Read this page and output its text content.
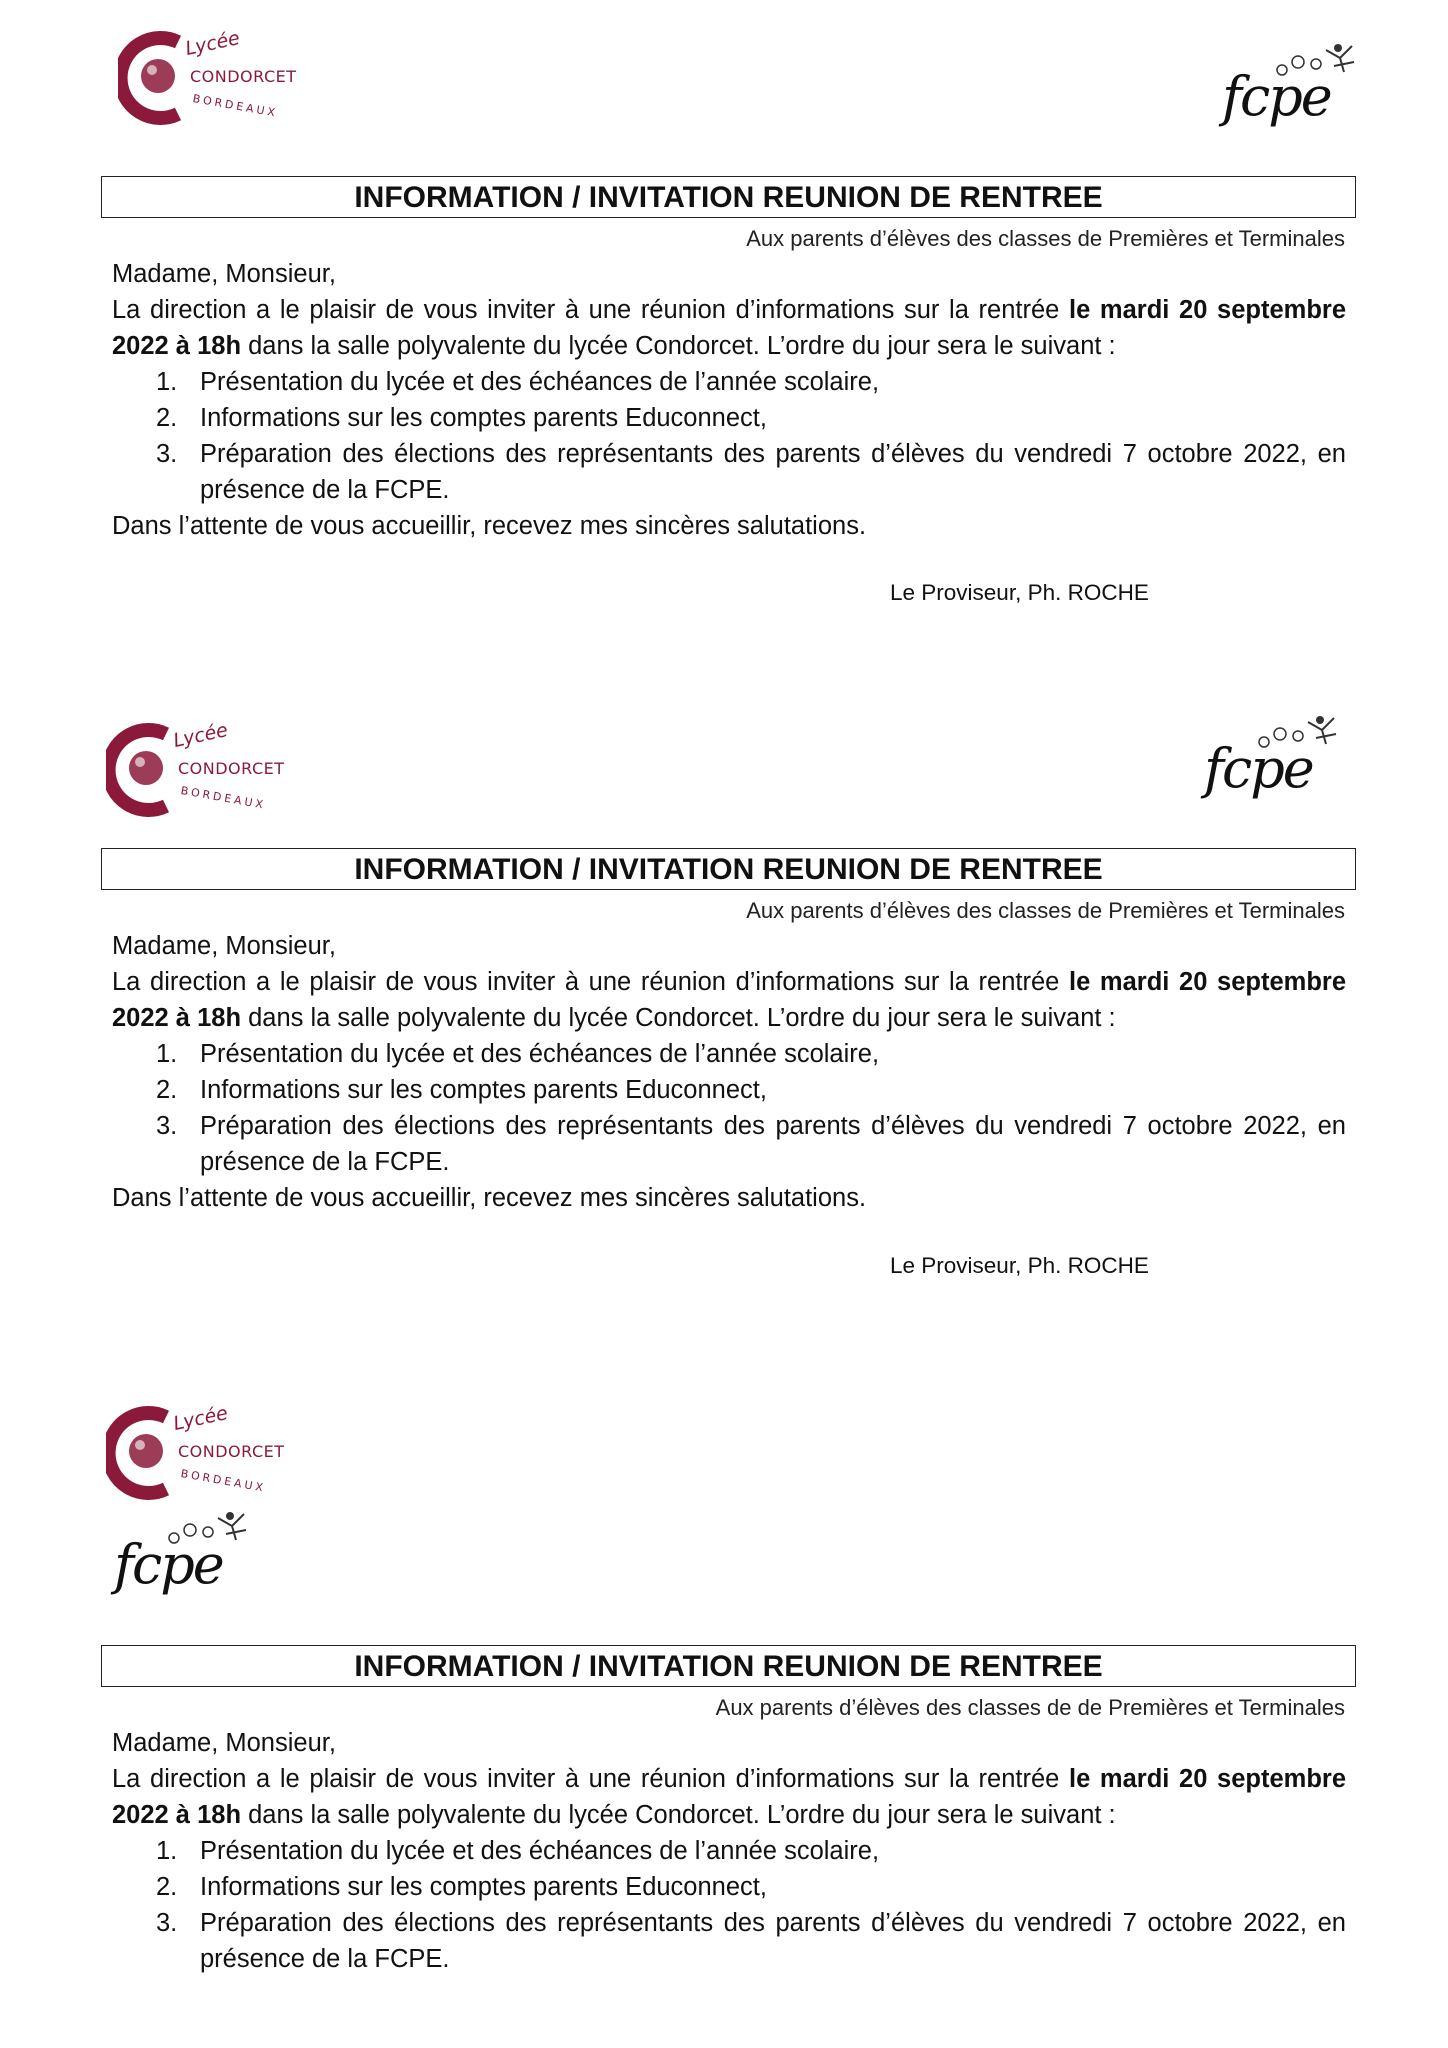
Lycée
CONDORCET
BORDEAUX	fcpe
INFORMATION / INVITATION REUNION DE RENTREE
Aux parents d’élèves des classes de Premières et Terminales

Madame, Monsieur,

La direction a le plaisir de vous inviter à une réunion d’informations sur la rentrée le mardi 20 septembre 2022 à 18h dans la salle polyvalente du lycée Condorcet. L’ordre du jour sera le suivant :

1. Présentation du lycée et des échéances de l’année scolaire,
2. Informations sur les comptes parents Educonnect,
3. Préparation des élections des représentants des parents d’élèves du vendredi 7 octobre 2022, en présence de la FCPE.

Dans l’attente de vous accueillir, recevez mes sincères salutations.

Le Proviseur, Ph. ROCHE
Lycée
CONDORCET
BORDEAUX	fcpe
INFORMATION / INVITATION REUNION DE RENTREE
Aux parents d’élèves des classes de Premières et Terminales

Madame, Monsieur,

La direction a le plaisir de vous inviter à une réunion d’informations sur la rentrée le mardi 20 septembre 2022 à 18h dans la salle polyvalente du lycée Condorcet. L’ordre du jour sera le suivant :

1. Présentation du lycée et des échéances de l’année scolaire,
2. Informations sur les comptes parents Educonnect,
3. Préparation des élections des représentants des parents d’élèves du vendredi 7 octobre 2022, en présence de la FCPE.

Dans l’attente de vous accueillir, recevez mes sincères salutations.

Le Proviseur, Ph. ROCHE
Lycée
CONDORCET
BORDEAUX
fcpe
INFORMATION / INVITATION REUNION DE RENTREE
Aux parents d’élèves des classes de de Premières et Terminales

Madame, Monsieur,

La direction a le plaisir de vous inviter à une réunion d’informations sur la rentrée le mardi 20 septembre 2022 à 18h dans la salle polyvalente du lycée Condorcet. L’ordre du jour sera le suivant :

1. Présentation du lycée et des échéances de l’année scolaire,
2. Informations sur les comptes parents Educonnect,
3. Préparation des élections des représentants des parents d’élèves du vendredi 7 octobre 2022, en présence de la FCPE.
